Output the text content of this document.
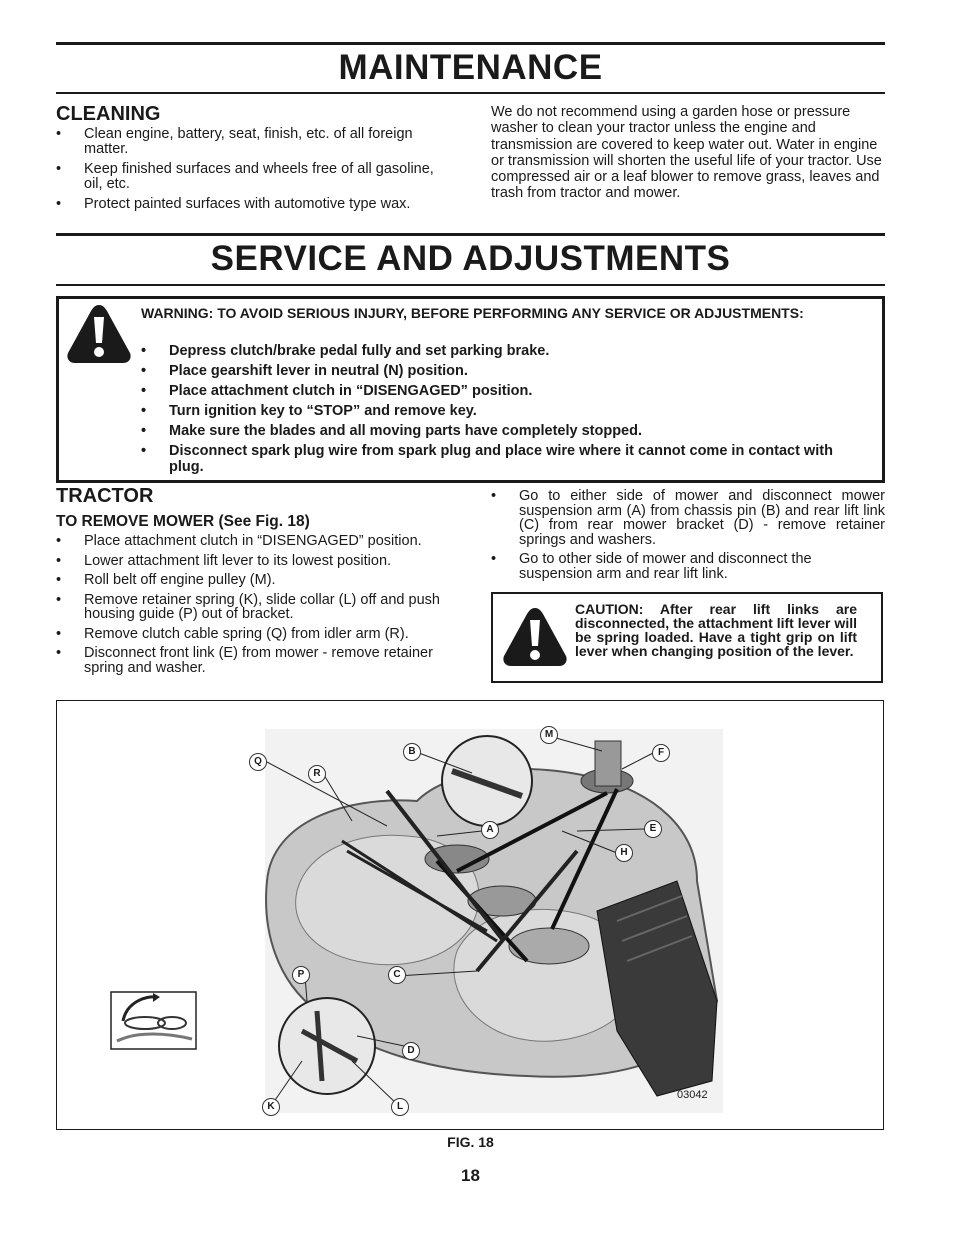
MAINTENANCE
CLEANING
• Clean engine, battery, seat, finish, etc. of all foreign matter.
• Keep finished surfaces and wheels free of all gasoline, oil, etc.
• Protect painted surfaces with automotive type wax.

We do not recommend using a garden hose or pressure washer to clean your tractor unless the engine and transmission are covered to keep water out. Water in engine or transmission will shorten the useful life of your tractor. Use compressed air or a leaf blower to remove grass, leaves and trash from tractor and mower.

SERVICE AND ADJUSTMENTS

WARNING: TO AVOID SERIOUS INJURY, BEFORE PERFORMING ANY SERVICE OR ADJUSTMENTS:

• Depress clutch/brake pedal fully and set parking brake.
• Place gearshift lever in neutral (N) position.
• Place attachment clutch in “DISENGAGED” position.
• Turn ignition key to “STOP” and remove key.
• Make sure the blades and all moving parts have completely stopped.
• Disconnect spark plug wire from spark plug and place wire where it cannot come in contact with plug.
TRACTOR
TO REMOVE MOWER (See Fig. 18)
• Place attachment clutch in “DISENGAGED” position.
• Lower attachment lift lever to its lowest position.
• Roll belt off engine pulley (M).
• Remove retainer spring (K), slide collar (L) off and push housing guide (P) out of bracket.
• Remove clutch cable spring (Q) from idler arm (R).
• Disconnect front link (E) from mower - remove retainer spring and washer.
• Go to either side of mower and disconnect mower suspension arm (A) from chassis pin (B) and rear lift link (C) from rear mower bracket (D) - remove retainer springs and washers.
• Go to other side of mower and disconnect the suspension arm and rear lift link.

CAUTION: After rear lift links are disconnected, the attachment lift lever will be spring loaded. Have a tight grip on lift lever when changing position of the lever.

Q
R
B
M
F
A	E
H
P	C
D
K	L
03042

FIG. 18

18
